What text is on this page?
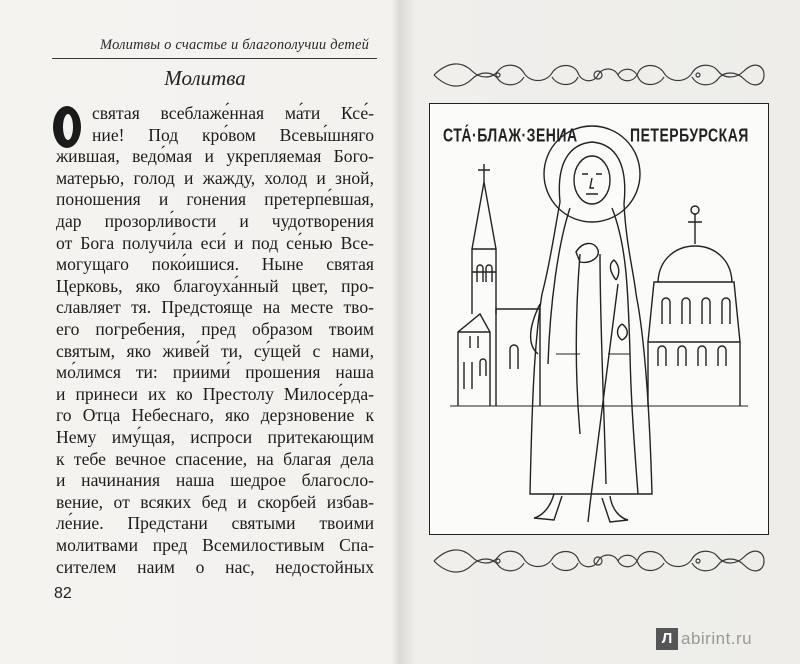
Молитвы о счастье и благополучии детей
Молитва
святая всеблаже́нная ма́ти Ксе́-
ние! Под кро́вом Всевы́шняго
жившая, ведо́мая и укрепляемая Бого-
матерью, голод и жажду, холод и зной,
поношения и гонения претерпе́вшая,
дар прозорли́вости и чудотворения
от Бога получи́ла еси́ и под се́нью Все-
могущаго поко́ишися. Ныне святая
Церковь, яко благоуха́нный цвет, про-
славляет тя. Предстояще на месте тво-
его погребения, пред образом твоим
святым, яко живе́й ти, су́щей с нами,
мо́лимся ти: приими́ прошения наша
и принеси их ко Престолу Милосе́рда-
го Отца Небеснаго, яко дерзновение к
Нему иму́щая, испроси притекающим
к тебе вечное спасение, на благая дела
и начинания наша шедрое благосло-
вение, от всяких бед и скорбей избав-
ле́ние. Предстани святыми твоими
молитвами пред Всемилостивым Спа-
сителем наим о нас, недостойных
82
СТА́·БЛАЖ·ЗЕНИА	ПЕТЕРБУРСКАЯ
Л abirint.ru
